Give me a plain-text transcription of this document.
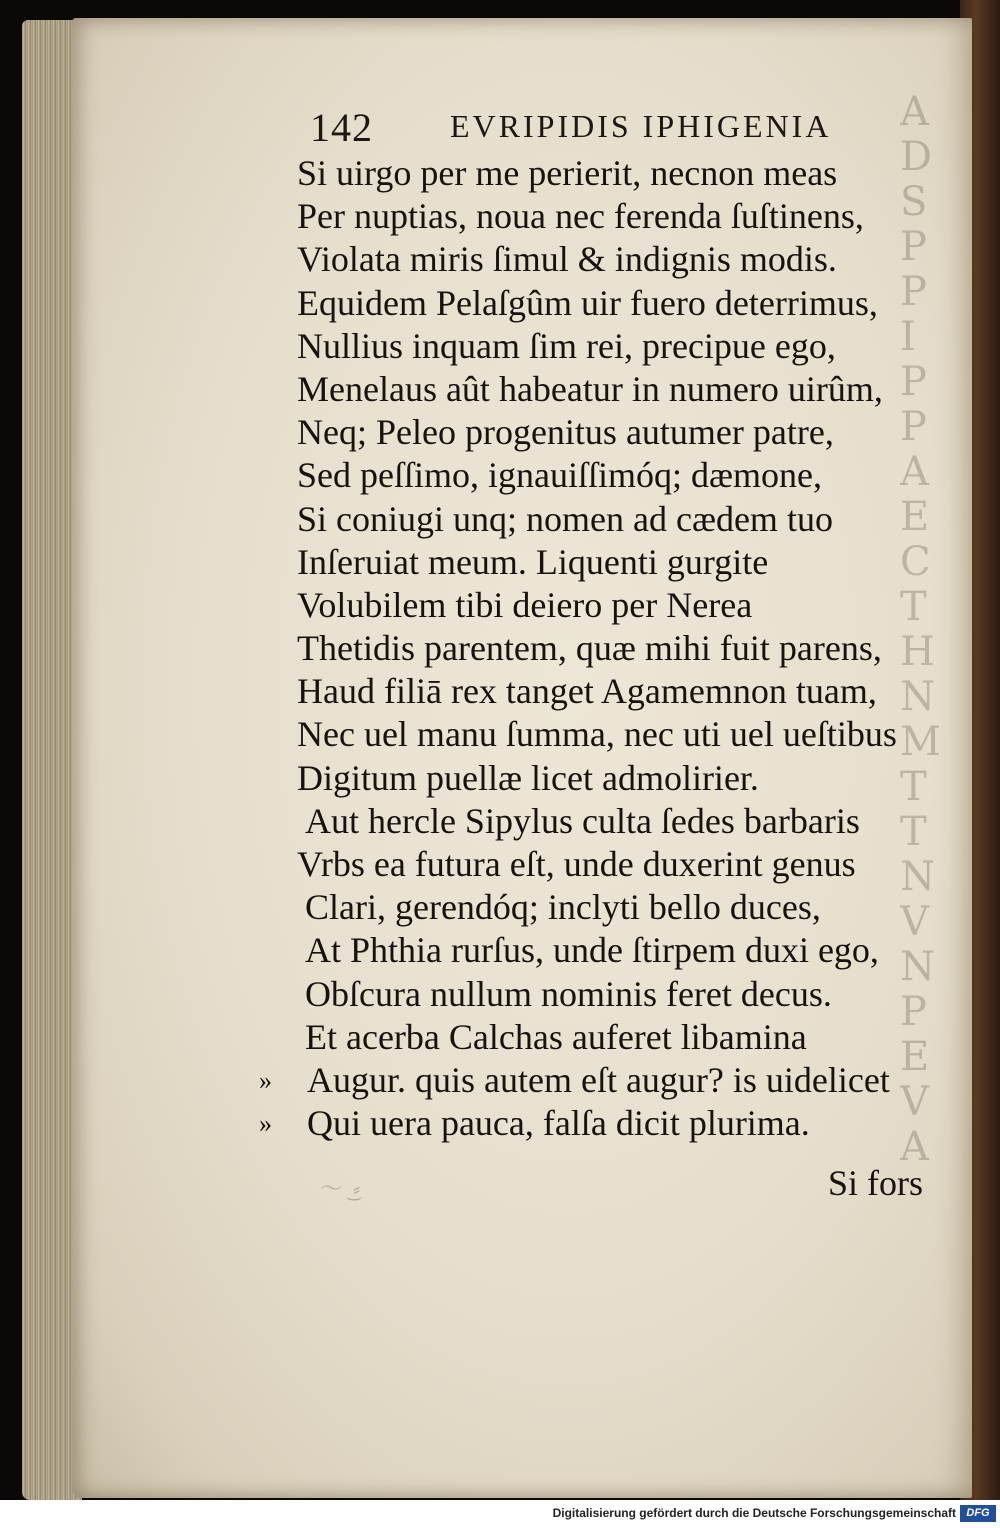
A
D
S
P
P
I
P
P
A
E
C
T
H
N
M
T
T
N
V
N
P
E
V
A
142 EVRIPIDIS IPHIGENIA
Si uirgo per me perierit, necnon meas
Per nuptias, noua nec ferenda ſuſtinens,
Violata miris ſimul & indignis modis.
Equidem Pelaſgûm uir fuero deterrimus,
Nullius inquam ſim rei, precipue ego,
Menelaus aût habeatur in numero uirûm,
Neq; Peleo progenitus autumer patre,
Sed peſſimo, ignauiſſimóq; dæmone,
Si coniugi unq; nomen ad cædem tuo
Inſeruiat meum. Liquenti gurgite
Volubilem tibi deiero per Nerea
Thetidis parentem, quæ mihi fuit parens,
Haud filiā rex tanget Agamemnon tuam,
Nec uel manu ſumma, nec uti uel ueſtibus
Digitum puellæ licet admolirier.
Aut hercle Sipylus culta ſedes barbaris
Vrbs ea futura eſt, unde duxerint genus
Clari, gerendóq; inclyti bello duces,
At Phthia rurſus, unde ſtirpem duxi ego,
Obſcura nullum nominis feret decus.
Et acerba Calchas auferet libamina
» Augur. quis autem eſt augur? is uidelicet
» Qui uera pauca, falſa dicit plurima.
〜 ͜ ⸗	Si fors
Digitalisierung gefördert durch die Deutsche Forschungsgemeinschaft DFG
